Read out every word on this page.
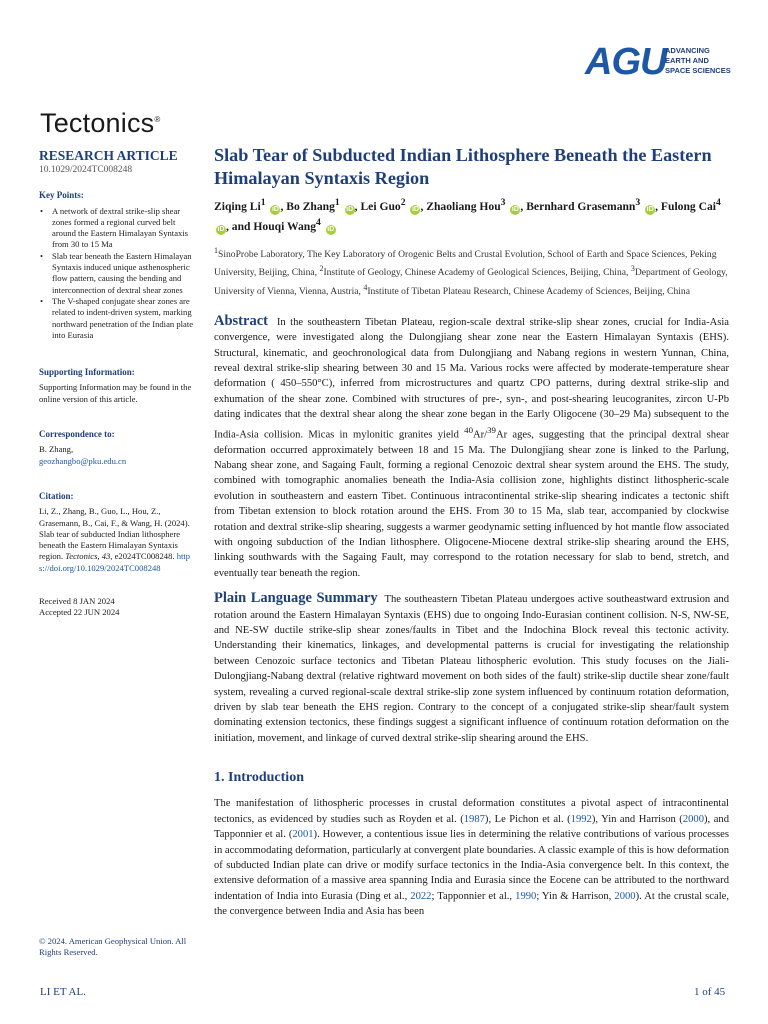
AGU
ADVANCING
EARTH AND
SPACE SCIENCES
Tectonics®
RESEARCH ARTICLE
10.1029/2024TC008248
Key Points:
• A network of dextral strike-slip shear zones formed a regional curved belt around the Eastern Himalayan Syntaxis from 30 to 15 Ma
• Slab tear beneath the Eastern Himalayan Syntaxis induced unique asthenospheric flow pattern, causing the bending and interconnection of dextral shear zones
• The V-shaped conjugate shear zones are related to indent-driven system, marking northward penetration of the Indian plate into Eurasia
Supporting Information:
Supporting Information may be found in the online version of this article.
Correspondence to:
B. Zhang,
geozhangbo@pku.edu.cn
Citation:
Li, Z., Zhang, B., Guo, L., Hou, Z., Grasemann, B., Cai, F., & Wang, H. (2024). Slab tear of subducted Indian lithosphere beneath the Eastern Himalayan Syntaxis region. Tectonics, 43, e2024TC008248. https://doi.org/10.1029/2024TC008248
Received 8 JAN 2024
Accepted 22 JUN 2024
© 2024. American Geophysical Union. All Rights Reserved.
Slab Tear of Subducted Indian Lithosphere Beneath the Eastern Himalayan Syntaxis Region
Ziqing Li$^1$ iD , Bo Zhang$^1$ iD , Lei Guo$^2$ iD , Zhaoliang Hou$^3$ iD , Bernhard Grasemann$^3$ iD , Fulong Cai$^4$ iD , and Houqi Wang$^4$ iD
$^1$SinoProbe Laboratory, The Key Laboratory of Orogenic Belts and Crustal Evolution, School of Earth and Space Sciences, Peking University, Beijing, China, $^2$Institute of Geology, Chinese Academy of Geological Sciences, Beijing, China, $^3$Department of Geology, University of Vienna, Vienna, Austria, $^4$Institute of Tibetan Plateau Research, Chinese Academy of Sciences, Beijing, China
Abstract In the southeastern Tibetan Plateau, region-scale dextral strike-slip shear zones, crucial for India-Asia convergence, were investigated along the Dulongjiang shear zone near the Eastern Himalayan Syntaxis (EHS). Structural, kinematic, and geochronological data from Dulongjiang and Nabang regions in western Yunnan, China, reveal dextral strike-slip shearing between 30 and 15 Ma. Various rocks were affected by moderate-temperature shear deformation ( 450–550°C), inferred from microstructures and quartz CPO patterns, during dextral strike-slip and exhumation of the shear zone. Combined with structures of pre-, syn-, and post-shearing leucogranites, zircon U-Pb dating indicates that the dextral shear along the shear zone began in the Early Oligocene (30–29 Ma) subsequent to the India-Asia collision. Micas in mylonitic granites yield $^{40}$Ar/$^{39}$Ar ages, suggesting that the principal dextral shear deformation occurred approximately between 18 and 15 Ma. The Dulongjiang shear zone is linked to the Parlung, Nabang shear zone, and Sagaing Fault, forming a regional Cenozoic dextral shear system around the EHS. The study, combined with tomographic anomalies beneath the India-Asia collision zone, highlights distinct lithospheric-scale evolution in southeastern and eastern Tibet. Continuous intracontinental strike-slip shearing indicates a tectonic shift from Tibetan extension to block rotation around the EHS. From 30 to 15 Ma, slab tear, accompanied by clockwise rotation and dextral strike-slip shearing, suggests a warmer geodynamic setting influenced by hot mantle flow associated with ongoing subduction of the Indian lithosphere. Oligocene-Miocene dextral strike-slip shearing around the EHS, linking southwards with the Sagaing Fault, may correspond to the rotation necessary for slab to bend, stretch, and eventually tear beneath the region.
Plain Language Summary The southeastern Tibetan Plateau undergoes active southeastward extrusion and rotation around the Eastern Himalayan Syntaxis (EHS) due to ongoing Indo-Eurasian continent collision. N-S, NW-SE, and NE-SW ductile strike-slip shear zones/faults in Tibet and the Indochina Block reveal this tectonic activity. Understanding their kinematics, linkages, and developmental patterns is crucial for investigating the relationship between Cenozoic surface tectonics and Tibetan Plateau lithospheric evolution. This study focuses on the Jiali-Dulongjiang-Nabang dextral (relative rightward movement on both sides of the fault) strike-slip ductile shear zone/fault system, revealing a curved regional-scale dextral strike-slip zone system influenced by continuum rotation deformation, driven by slab tear beneath the EHS region. Contrary to the concept of a conjugated strike-slip shear/fault system dominating extension tectonics, these findings suggest a significant influence of continuum rotation deformation on the initiation, movement, and linkage of curved dextral strike-slip shearing around the EHS.
1. Introduction
The manifestation of lithospheric processes in crustal deformation constitutes a pivotal aspect of intracontinental tectonics, as evidenced by studies such as Royden et al. (1987), Le Pichon et al. (1992), Yin and Harrison (2000), and Tapponnier et al. (2001). However, a contentious issue lies in determining the relative contributions of various processes in accommodating deformation, particularly at convergent plate boundaries. A classic example of this is how deformation of subducted Indian plate can drive or modify surface tectonics in the India-Asia convergence belt. In this context, the extensive deformation of a massive area spanning India and Eurasia since the Eocene can be attributed to the northward indentation of India into Eurasia (Ding et al., 2022; Tapponnier et al., 1990; Yin & Harrison, 2000). At the crustal scale, the convergence between India and Asia has been
LI ET AL.	1 of 45
